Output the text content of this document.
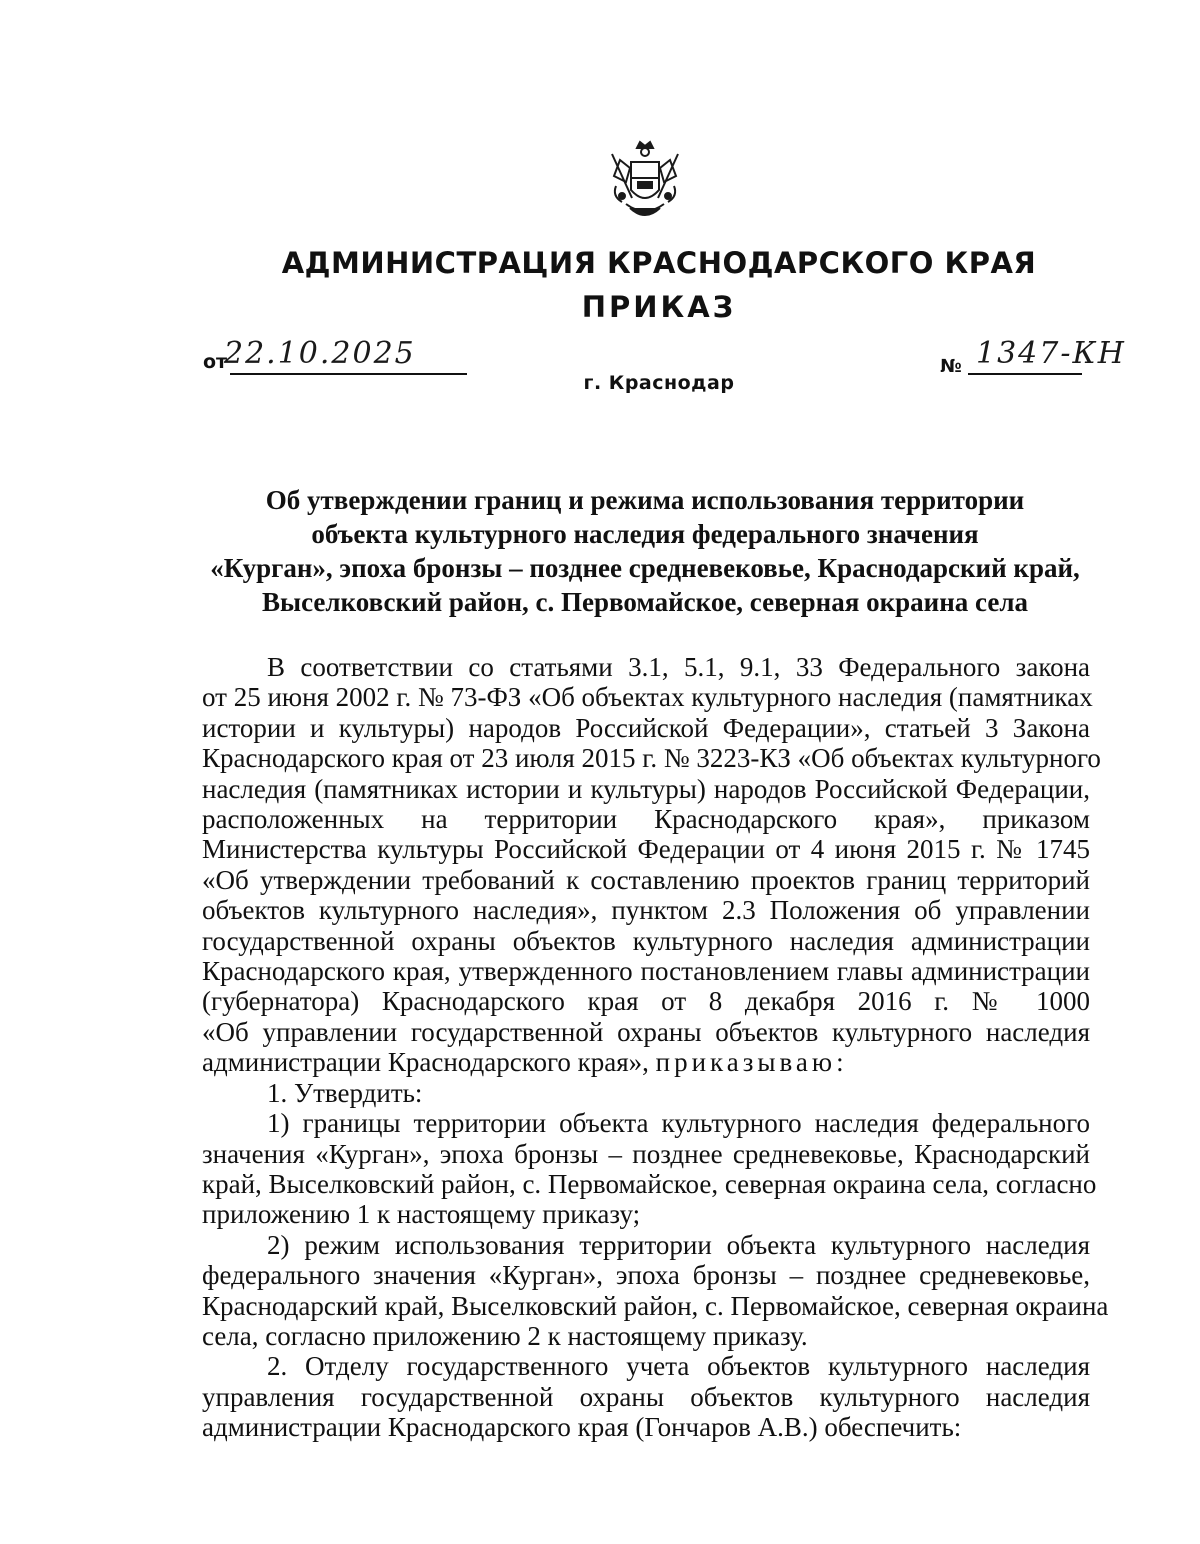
АДМИНИСТРАЦИЯ КРАСНОДАРСКОГО КРАЯ
ПРИКАЗ
от
22.10.2025	№ 1347-КН
г. Краснодар
Об утверждении границ и режима использования территории
объекта культурного наследия федерального значения
«Курган», эпоха бронзы – позднее средневековье, Краснодарский край,
Выселковский район, с. Первомайское, северная окраина села
В соответствии со статьями 3.1, 5.1, 9.1, 33 Федерального закона
от 25 июня 2002 г. № 73-ФЗ «Об объектах культурного наследия (памятниках
истории и культуры) народов Российской Федерации», статьей 3 Закона
Краснодарского края от 23 июля 2015 г. № 3223-КЗ «Об объектах культурного
наследия (памятниках истории и культуры) народов Российской Федерации,
расположенных на территории Краснодарского края», приказом
Министерства культуры Российской Федерации от 4 июня 2015 г. № 1745
«Об утверждении требований к составлению проектов границ территорий
объектов культурного наследия», пунктом 2.3 Положения об управлении
государственной охраны объектов культурного наследия администрации
Краснодарского края, утвержденного постановлением главы администрации
(губернатора) Краснодарского края от 8 декабря 2016 г. № 1000
«Об управлении государственной охраны объектов культурного наследия
администрации Краснодарского края», приказываю:
1. Утвердить:
1) границы территории объекта культурного наследия федерального
значения «Курган», эпоха бронзы – позднее средневековье, Краснодарский
край, Выселковский район, с. Первомайское, северная окраина села, согласно
приложению 1 к настоящему приказу;
2) режим использования территории объекта культурного наследия
федерального значения «Курган», эпоха бронзы – позднее средневековье,
Краснодарский край, Выселковский район, с. Первомайское, северная окраина
села, согласно приложению 2 к настоящему приказу.
2. Отделу государственного учета объектов культурного наследия
управления государственной охраны объектов культурного наследия
администрации Краснодарского края (Гончаров А.В.) обеспечить:
